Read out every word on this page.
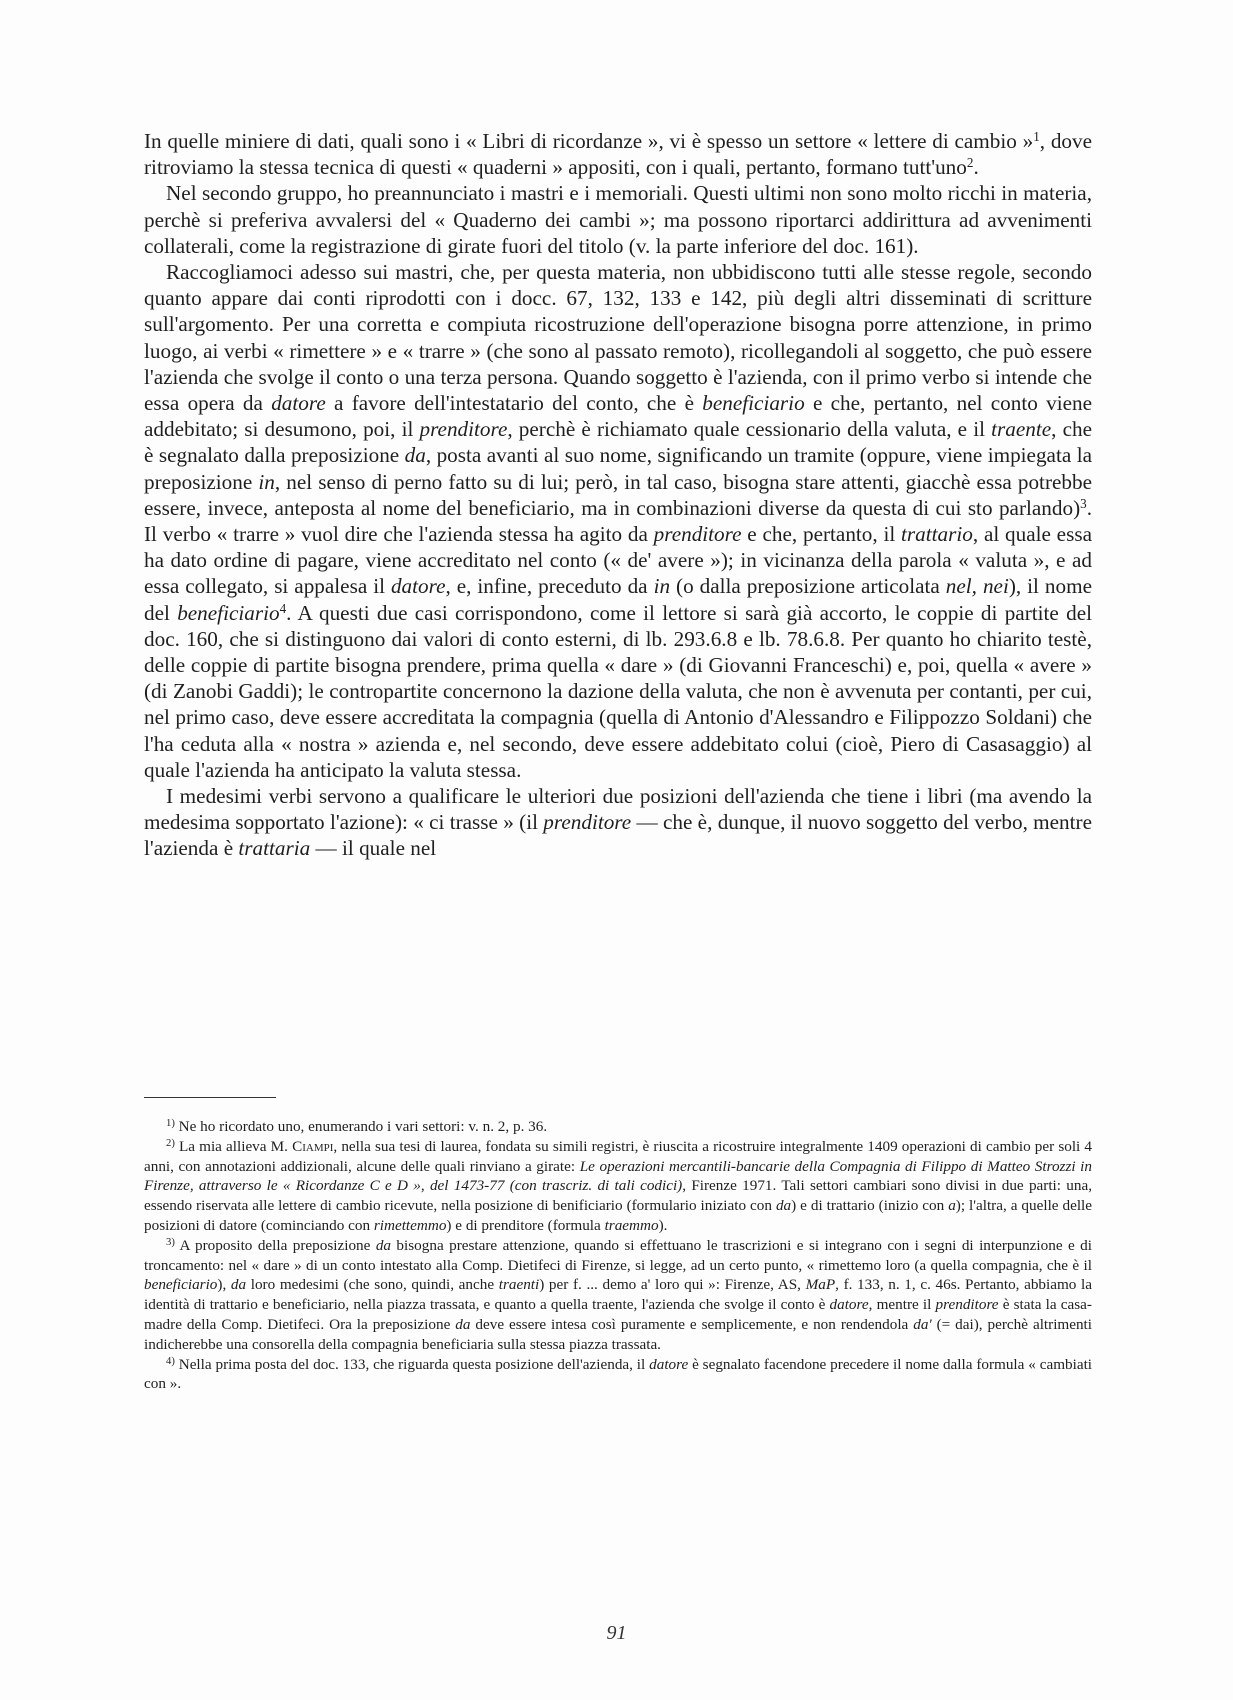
In quelle miniere di dati, quali sono i « Libri di ricordanze », vi è spesso un settore « lettere di cambio »$^1$, dove ritroviamo la stessa tecnica di questi « quaderni » appositi, con i quali, pertanto, formano tutt'uno$^2$.

Nel secondo gruppo, ho preannunciato i mastri e i memoriali. Questi ultimi non sono molto ricchi in materia, perchè si preferiva avvalersi del « Quaderno dei cambi »; ma possono riportarci addirittura ad avvenimenti collaterali, come la registrazione di girate fuori del titolo (v. la parte inferiore del doc. 161).

Raccogliamoci adesso sui mastri, che, per questa materia, non ubbidiscono tutti alle stesse regole, secondo quanto appare dai conti riprodotti con i docc. 67, 132, 133 e 142, più degli altri disseminati di scritture sull'argomento. Per una corretta e compiuta ricostruzione dell'operazione bisogna porre attenzione, in primo luogo, ai verbi « rimettere » e « trarre » (che sono al passato remoto), ricollegandoli al soggetto, che può essere l'azienda che svolge il conto o una terza persona. Quando soggetto è l'azienda, con il primo verbo si intende che essa opera da datore a favore dell'intestatario del conto, che è beneficiario e che, pertanto, nel conto viene addebitato; si desumono, poi, il prenditore, perchè è richiamato quale cessionario della valuta, e il traente, che è segnalato dalla preposizione da, posta avanti al suo nome, significando un tramite (oppure, viene impiegata la preposizione in, nel senso di perno fatto su di lui; però, in tal caso, bisogna stare attenti, giacchè essa potrebbe essere, invece, anteposta al nome del beneficiario, ma in combinazioni diverse da questa di cui sto parlando)$^3$. Il verbo « trarre » vuol dire che l'azienda stessa ha agito da prenditore e che, pertanto, il trattario, al quale essa ha dato ordine di pagare, viene accreditato nel conto (« de' avere »); in vicinanza della parola « valuta », e ad essa collegato, si appalesa il datore, e, infine, preceduto da in (o dalla preposizione articolata nel, nei), il nome del beneficiario$^4$. A questi due casi corrispondono, come il lettore si sarà già accorto, le coppie di partite del doc. 160, che si distinguono dai valori di conto esterni, di lb. 293.6.8 e lb. 78.6.8. Per quanto ho chiarito testè, delle coppie di partite bisogna prendere, prima quella « dare » (di Giovanni Franceschi) e, poi, quella « avere » (di Zanobi Gaddi); le contropartite concernono la dazione della valuta, che non è avvenuta per contanti, per cui, nel primo caso, deve essere accreditata la compagnia (quella di Antonio d'Alessandro e Filippozzo Soldani) che l'ha ceduta alla « nostra » azienda e, nel secondo, deve essere addebitato colui (cioè, Piero di Casasaggio) al quale l'azienda ha anticipato la valuta stessa.

I medesimi verbi servono a qualificare le ulteriori due posizioni dell'azienda che tiene i libri (ma avendo la medesima sopportato l'azione): « ci trasse » (il prenditore — che è, dunque, il nuovo soggetto del verbo, mentre l'azienda è trattaria — il quale nel

$^{1)}$ Ne ho ricordato uno, enumerando i vari settori: v. n. 2, p. 36.

$^{2)}$ La mia allieva M. Ciampi, nella sua tesi di laurea, fondata su simili registri, è riuscita a ricostruire integralmente 1409 operazioni di cambio per soli 4 anni, con annotazioni addizionali, alcune delle quali rinviano a girate: Le operazioni mercantili-bancarie della Compagnia di Filippo di Matteo Strozzi in Firenze, attraverso le « Ricordanze C e D », del 1473-77 (con trascriz. di tali codici), Firenze 1971. Tali settori cambiari sono divisi in due parti: una, essendo riservata alle lettere di cambio ricevute, nella posizione di benificiario (formulario iniziato con da) e di trattario (inizio con a); l'altra, a quelle delle posizioni di datore (cominciando con rimettemmo) e di prenditore (formula traemmo).

$^{3)}$ A proposito della preposizione da bisogna prestare attenzione, quando si effettuano le trascrizioni e si integrano con i segni di interpunzione e di troncamento: nel « dare » di un conto intestato alla Comp. Dietifeci di Firenze, si legge, ad un certo punto, « rimettemo loro (a quella compagnia, che è il beneficiario), da loro medesimi (che sono, quindi, anche traenti) per f. ... demo a' loro qui »: Firenze, AS, MaP, f. 133, n. 1, c. 46s. Pertanto, abbiamo la identità di trattario e beneficiario, nella piazza trassata, e quanto a quella traente, l'azienda che svolge il conto è datore, mentre il prenditore è stata la casa-madre della Comp. Dietifeci. Ora la preposizione da deve essere intesa così puramente e semplicemente, e non rendendola da' (= dai), perchè altrimenti indicherebbe una consorella della compagnia beneficiaria sulla stessa piazza trassata.

$^{4)}$ Nella prima posta del doc. 133, che riguarda questa posizione dell'azienda, il datore è segnalato facendone precedere il nome dalla formula « cambiati con ».

91
